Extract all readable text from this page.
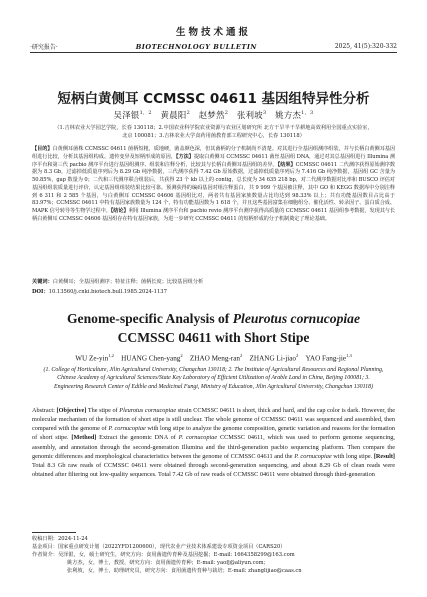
生物技术通报
·研究报告·	BIOTECHNOLOGY BULLETIN	2025, 41(5):320-332
短柄白黄侧耳 CCMSSC 04611 基因组特异性分析
吴泽银$^{1,2}$  黄晨阳$^2$  赵梦然$^2$  张利坡$^3$  姚方杰$^{1,3}$
（1.吉林农业大学园艺学院，长春 130118；2.中国农业科学院农业资源与农业区划研究所 北方干旱半干旱耕地高效利用全国重点实验室，
北京 100081；3.吉林农业大学食药用菌教育部工程研究中心，长春 130118）
【目的】白黄侧耳菌株 CCMSSC 04611 菌柄短粗，质地硬，菌盖颜色深，但其菌柄的分子机制尚不清楚。对其进行全基因组测序组装，并与长柄白黄侧耳基因组进行比较，分析其基因组构成、遗传变异及短柄形成的原因，【方法】提取白黄侧耳 CCMSSC 04611 菌丝基因组 DNA，通过对其总基因组进行 Illumina 测序平台和第三代 pacbio 测序平台进行基因组测序、组装和注释分析，比较其与长柄白黄侧耳基因组的差异。【结果】CCMSSC 04611 二代测序获得原始测序数据为 8.3 Gb，过滤掉低质量序列后为 8.29 Gb 纯净数据，三代测序获得 7.42 Gb 原始数据，过滤掉低质量序列后为 7.416 Gb 纯净数据，基因组 GC 含量为 50.85%，gap 数量为 0；二代和三代测序联合组装后，共获得 23 个 kb 以上的 contig，总长度为 34 635 218 bp，对二代测序数据对比率和 BUSCO 评估对基因组组装质量进行评价，认定基因组组装结果比较可靠。预测获得的编码基因对组注释蛋白，共 9 999 个基因被注释，其中 GO 和 KEGG 数据库中分别注释到 6 311 和 2 585 个基因，与白黄侧耳 CCMSSC 04606 基因组比对，两者共有基因家族数量占比均达到 98.33% 以上；共有功能基因数目占比高于 83.97%；CCMSSC 04611 中特有基因家族数量为 124 个，特有功能基因数为 1 618 个，并且这些基因富集在细胞组分、催化活性、转录因子、蛋白质合成、MAPK 信号转导等生物学过程中。【结论】利用 Illumina 测序平台和 pacbio revio 测序平台测序获得高质量的 CCMSSC 04611 基因组参考数据，发现其与长柄白黄侧耳 CCMSSC 04606 基因组存在特有基因家族，为进一步研究 CCMSSC 04611 的短柄形成的分子机制奠定了理论基础。
关键词：白黄侧耳；全基因组测序；特征注释；菌柄长度；比较基因组分析
DOI：10.13560/j.cnki.biotech.bull.1985.2024-1137
Genome-specific Analysis of Pleurotus cornucopiae CCMSSC 04611 with Short Stipe
WU Ze-yin$^{1,2}$   HUANG Chen-yang$^2$   ZHAO Meng-ran$^2$   ZHANG Li-jiao$^2$   YAO Fang-jie$^{1,3}$
(1. College of Horticulture, Jilin Agricultural University, Changchun 130118; 2. The Institute of Agricultural Resources and Regional Planning, Chinese Academy of Agricultural Sciences/State Key Laboratory of Efficient Utilization of Arable Land in China, Beijing 100081; 3. Engineering Research Center of Edible and Medicinal Fungi, Ministry of Education, Jilin Agricultural University, Changchun 130118)
Abstract: [Objective] The stipe of Pleurotus cornucopiae strain CCMSSC 04611 is short, thick and hard, and the cap color is dark. However, the molecular mechanism of the formation of short stipe is still unclear. The whole genome of CCMSSC 04611 was sequenced and assembled, then compared with the genome of P. cornucopiae with long stipe to analyze the genome composition, genetic variation and reasons for the formation of short stipe. [Method] Extract the genomic DNA of P. cornucopiae CCMSSC 04611, which was used to perform genome sequencing, assembly, and annotation through the second-generation Illumina and the third-generation pacbio sequencing platform. Then compare the genomic differences and morphological characteristics between the genome of CCMSSC 04611 and the P. cornucopiae with long stipe. [Result] Total 8.3 Gb raw reads of CCMSSC 04611 were obtained through second-generation sequencing, and about 8.29 Gb of clean reads were obtained after filtering out low-quality sequences. Total 7.42 Gb of raw reads of CCMSSC 04611 were obtained through third-generation
收稿日期：2024-11-24
基金项目：国家重点研发计划（2022YFD1200600），现代农业产业技术体系建设专项资金项目（CARS20）
作者简介：吴泽银，女，硕士研究生，研究方向：食用菌遗传育种及基因挖掘；E-mail: 1664358299@163.com
姚方杰，女，博士，教授，研究方向：食用菌遗传育种；E-mail: yaofj@aliyun.com；
张利坡，女，博士，助理研究员，研究方向：食用菌遗传育种与栽培；E-mail: zhanglijiao@caas.cn
